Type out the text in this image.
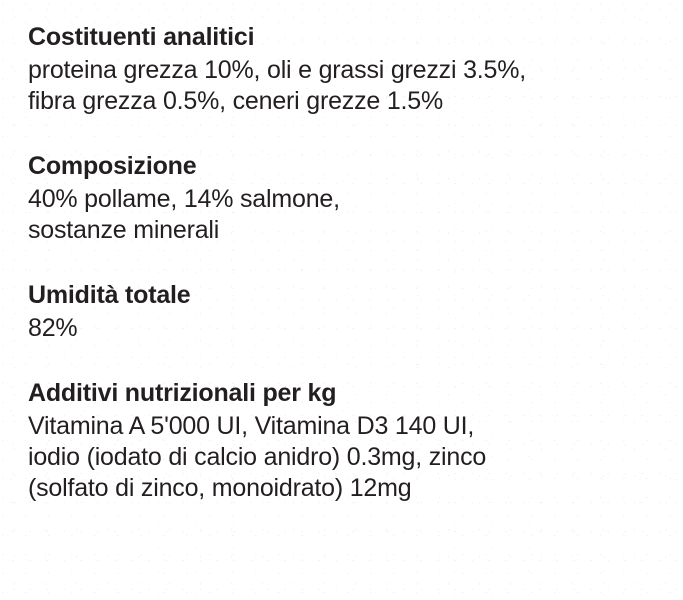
Costituenti analitici
proteina grezza 10%, oli e grassi grezzi 3.5%,
fibra grezza 0.5%, ceneri grezze 1.5%
Composizione
40% pollame, 14% salmone,
sostanze minerali
Umidità totale
82%
Additivi nutrizionali per kg
Vitamina A 5'000 UI, Vitamina D3 140 UI,
iodio (iodato di calcio anidro) 0.3mg, zinco
(solfato di zinco, monoidrato) 12mg
